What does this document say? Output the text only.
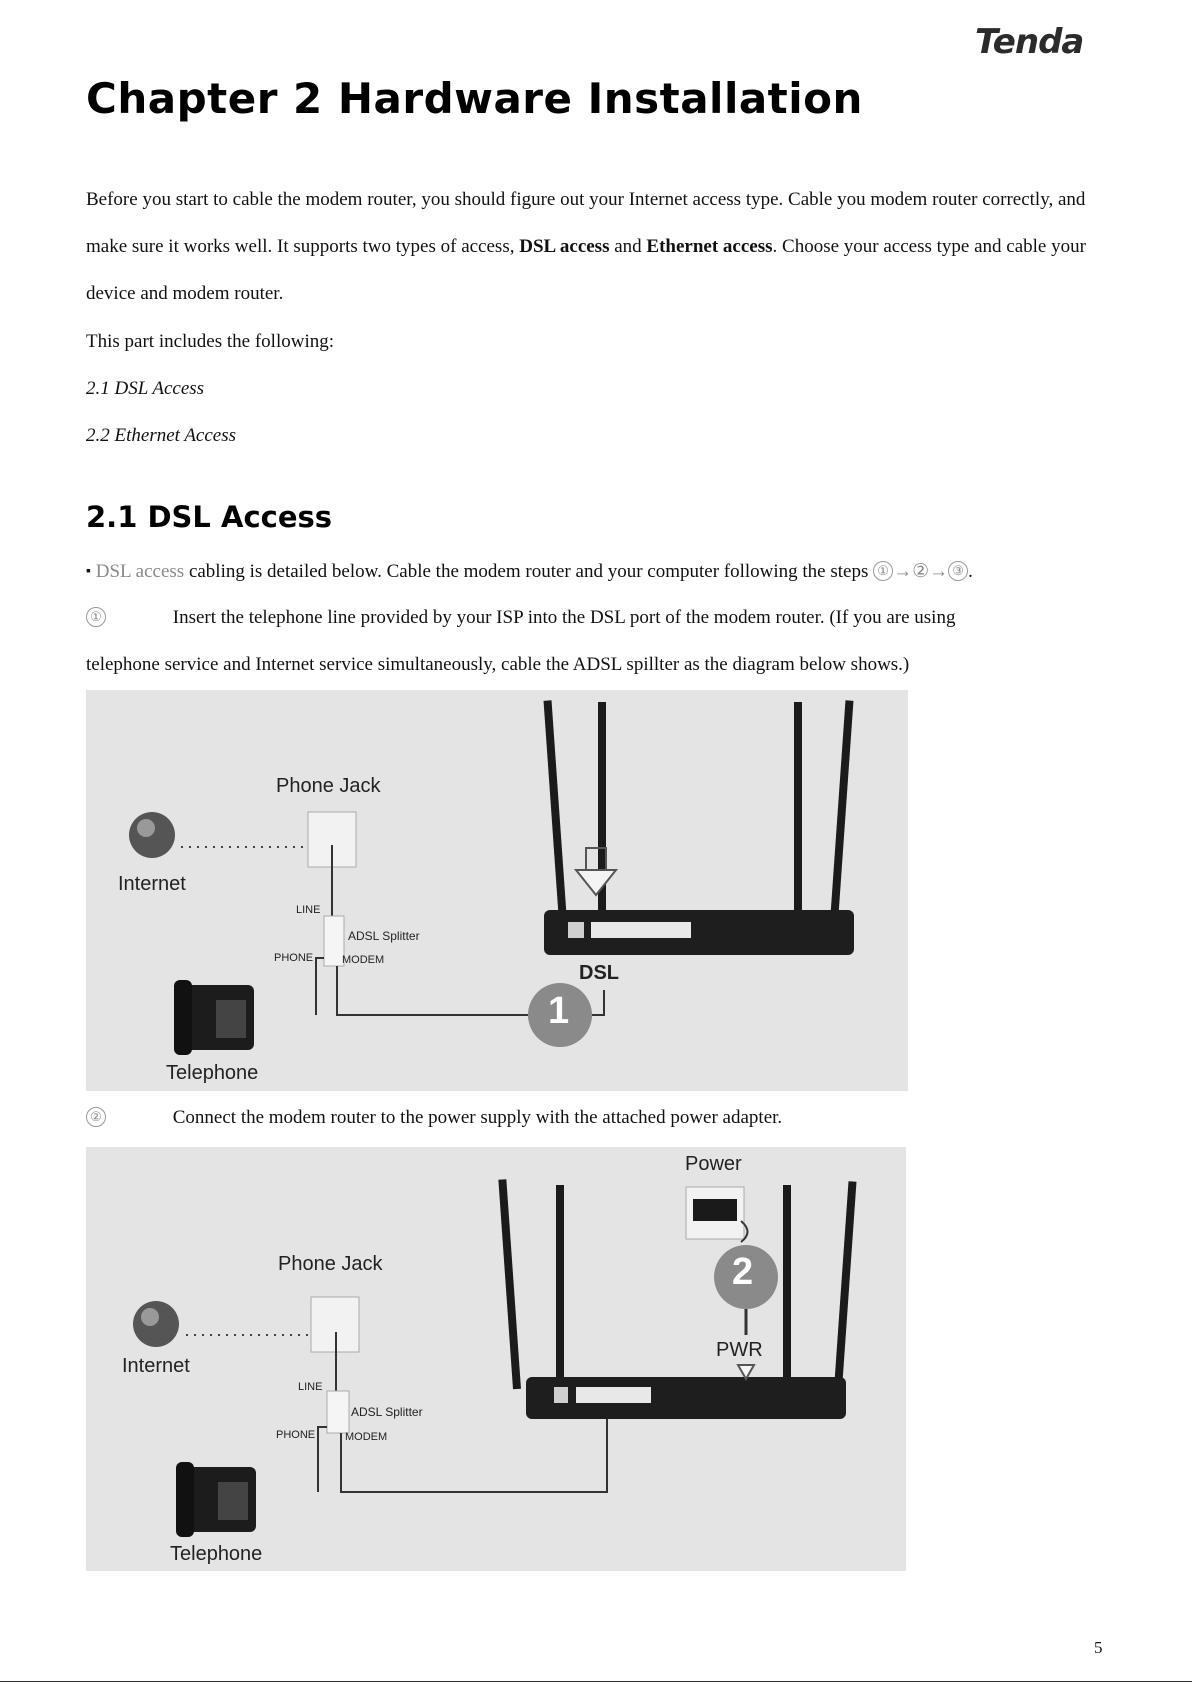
Tenda
Chapter 2 Hardware Installation

Before you start to cable the modem router, you should figure out your Internet access type. Cable you modem router correctly, and make sure it works well. It supports two types of access, DSL access and Ethernet access. Choose your access type and cable your device and modem router.

This part includes the following:

2.1 DSL Access

2.2 Ethernet Access

2.1 DSL Access
▪ DSL access cabling is detailed below. Cable the modem router and your computer following the steps ① →②→ ③ .
①	Insert the telephone line provided by your ISP into the DSL port of the modem router. (If you are using
telephone service and Internet service simultaneously, cable the ADSL spillter as the diagram below shows.)
Phone Jack
Internet
LINE
ADSL Splitter
PHONE	MODEM
DSL
1
Telephone
②	Connect the modem router to the power supply with the attached power adapter.
Power
Phone Jack
Internet
2
PWR
LINE
ADSL Splitter
PHONE	MODEM
Telephone
5
